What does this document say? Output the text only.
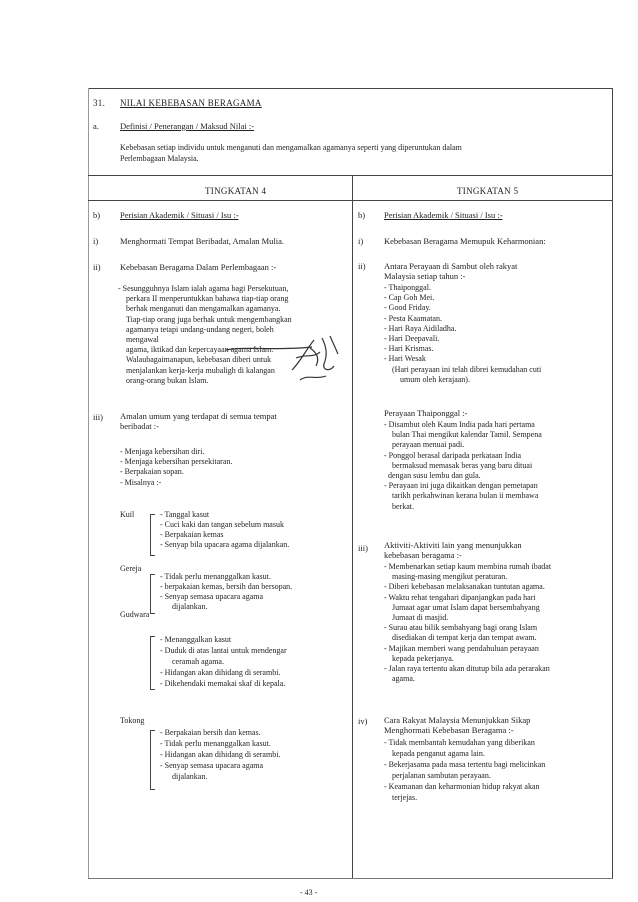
31. NILAI KEBEBASAN BERAGAMA
a. Definisi / Penerangan / Maksud Nilai :-
Kebebasan setiap individu untuk menganuti dan mengamalkan agamanya seperti yang diperuntukan dalam
Perlembagaan Malaysia.
TINGKATAN 4	TINGKATAN 5
b) Perisian Akademik / Situasi / Isu :-
i)	Menghormati Tempat Beribadat, Amalan Mulia.
ii) Kebebasan Beragama Dalam Perlembagaan :-
- Sesungguhnya Islam ialah agama bagi Persekutuan,
perkara II menperuntukkan bahawa tiap-tiap orang
berhak menganuti dan mengamalkan agamanya.
Tiap-tiap orang juga berhak untuk mengembangkan
agamanya tetapi undang-undang negeri, boleh
mengawal
agama, iktikad dan kepercayaan agama Islam.
Walaubagaimanapun, kebebasan diberi untuk
menjalankan kerja-kerja mubaligh di kalangan
orang-orang bukan Islam.
iii) Amalan umum yang terdapat di semua tempat
beribadat :-
- Menjaga kebersihan diri.
- Menjaga kebersihan persekitaran.
- Berpakaian sopan.
- Misalnya :-
Kuil	- Tanggal kasut
- Cuci kaki dan tangan sebelum masuk
- Berpakaian kemas
- Senyap bila upacara agama dijalankan.
Gereja
- Tidak perlu menanggalkan kasut.
- berpakaian kemas, bersih dan bersopan.
- Senyap semasa upacara agama
dijalankan.
Gudwara
- Menanggalkan kasut
- Duduk di atas lantai untuk mendengar
ceramah agama.
- Hidangan akan dihidang di serambi.
- Dikehendaki memakai skaf di kepala.
Tokong
- Berpakaian bersih dan kemas.
- Tidak perlu menanggalkan kasut.
- Hidangan akan dihidang di serambi.
- Senyap semasa upacara agama
dijalankan.
b) Perisian Akademik / Situasi / Isu :-
i) Kebebasan Beragama Memupuk Keharmonian:
ii) Antara Perayaan di Sambut oleh rakyat
Malaysia setiap tahun :-
- Thaiponggal.
- Cap Goh Mei.
- Good Friday.
- Pesta Kaamatan.
- Hari Raya Aidiladha.
- Hari Deepavali.
- Hari Krismas.
- Hari Wesak
(Hari perayaan ini telah dibrei kemudahan cuti
umum oleh kerajaan).
Perayaan Thaiponggal :-
- Disambut oleh Kaum India pada hari pertama
bulan Thai mengikut kalendar Tamil. Sempena
perayaan menuai padi.
- Ponggol berasal daripada perkataan India
bermaksud memasak beras yang baru dituai
dengan susu lembu dan gula.
- Perayaan ini juga dikaitkan dengan pemetapan
tarikh perkahwinan kerana bulan ii membawa
berkat.
iii) Aktiviti-Aktiviti lain yang menunjukkan
kebebasan beragama :-
- Membenarkan setiap kaum membina rumah ibadat
masing-masing mengikut peraturan.
- Diberi kebebasan melaksanakan tuntutan agama.
- Waktu rehat tengahari dipanjangkan pada hari
Jumaat agar umat Islam dapat bersembahyang
Jumaat di masjid.
- Surau atau bilik sembahyang bagi orang Islam
disediakan di tempat kerja dan tempat awam.
- Majikan memberi wang pendahuluan perayaan
kepada pekerjanya.
- Jalan raya tertentu akan ditutup bila ada perarakan
agama.
iv) Cara Rakyat Malaysia Menunjukkan Sikap
Menghormati Kebebasan Beragama :-
- Tidak membantah kemudahan yang diberikan
kepada penganut agama lain.
- Bekerjasama pada masa tertentu bagi melicinkan
perjalanan sambutan perayaan.
- Keamanan dan keharmonian hidup rakyat akan
terjejas.
- 43 -
